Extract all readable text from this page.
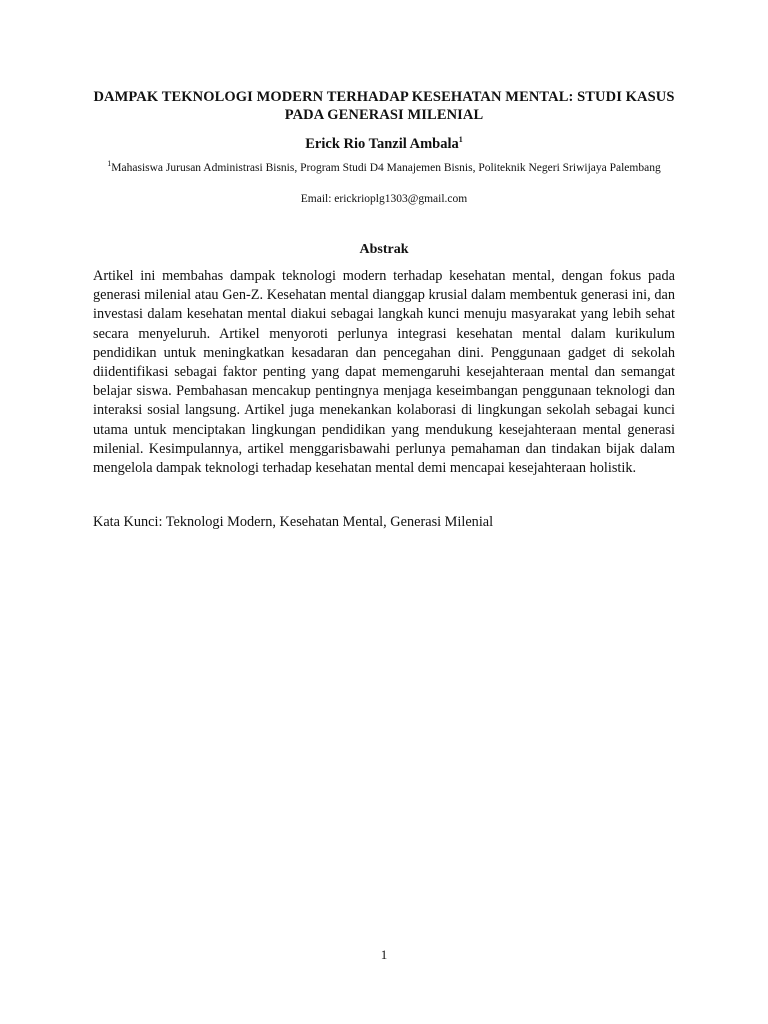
DAMPAK TEKNOLOGI MODERN TERHADAP KESEHATAN MENTAL: STUDI KASUS PADA GENERASI MILENIAL
Erick Rio Tanzil Ambala$^1$
$^1$Mahasiswa Jurusan Administrasi Bisnis, Program Studi D4 Manajemen Bisnis, Politeknik Negeri Sriwijaya Palembang
Email: erickrioplg1303@gmail.com
Abstrak

Artikel ini membahas dampak teknologi modern terhadap kesehatan mental, dengan fokus pada generasi milenial atau Gen-Z. Kesehatan mental dianggap krusial dalam membentuk generasi ini, dan investasi dalam kesehatan mental diakui sebagai langkah kunci menuju masyarakat yang lebih sehat secara menyeluruh. Artikel menyoroti perlunya integrasi kesehatan mental dalam kurikulum pendidikan untuk meningkatkan kesadaran dan pencegahan dini. Penggunaan gadget di sekolah diidentifikasi sebagai faktor penting yang dapat memengaruhi kesejahteraan mental dan semangat belajar siswa. Pembahasan mencakup pentingnya menjaga keseimbangan penggunaan teknologi dan interaksi sosial langsung. Artikel juga menekankan kolaborasi di lingkungan sekolah sebagai kunci utama untuk menciptakan lingkungan pendidikan yang mendukung kesejahteraan mental generasi milenial. Kesimpulannya, artikel menggarisbawahi perlunya pemahaman dan tindakan bijak dalam mengelola dampak teknologi terhadap kesehatan mental demi mencapai kesejahteraan holistik.

Kata Kunci: Teknologi Modern, Kesehatan Mental, Generasi Milenial

1
